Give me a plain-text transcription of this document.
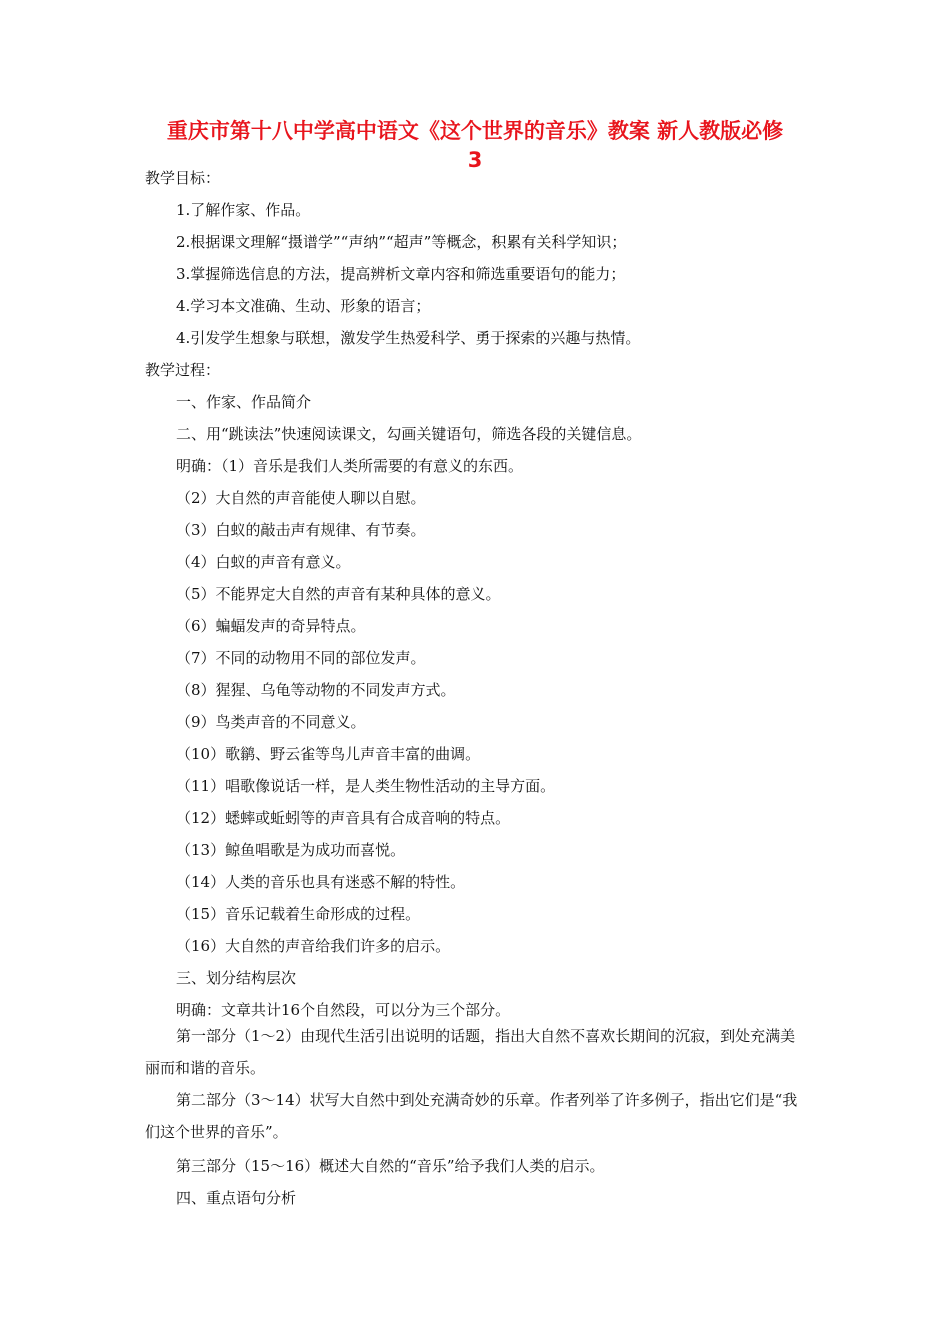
重庆市第十八中学高中语文《这个世界的音乐》教案 新人教版必修
3
教学目标：
1.了解作家、作品。
2.根据课文理解“摄谱学”“声纳”“超声”等概念，积累有关科学知识；
3.掌握筛选信息的方法，提高辨析文章内容和筛选重要语句的能力；
4.学习本文准确、生动、形象的语言；
4.引发学生想象与联想，激发学生热爱科学、勇于探索的兴趣与热情。
教学过程：
一、作家、作品简介
二、用“跳读法”快速阅读课文，勾画关键语句，筛选各段的关键信息。
明确：（1）音乐是我们人类所需要的有意义的东西。
（2）大自然的声音能使人聊以自慰。
（3）白蚁的敲击声有规律、有节奏。
（4）白蚁的声音有意义。
（5）不能界定大自然的声音有某种具体的意义。
（6）蝙蝠发声的奇异特点。
（7）不同的动物用不同的部位发声。
（8）猩猩、乌龟等动物的不同发声方式。
（9）鸟类声音的不同意义。
（10）歌鹟、野云雀等鸟儿声音丰富的曲调。
（11）唱歌像说话一样，是人类生物性活动的主导方面。
（12）蟋蟀或蚯蚓等的声音具有合成音响的特点。
（13）鲸鱼唱歌是为成功而喜悦。
（14）人类的音乐也具有迷惑不解的特性。
（15）音乐记载着生命形成的过程。
（16）大自然的声音给我们许多的启示。
三、划分结构层次
明确：文章共计16个自然段，可以分为三个部分。
第一部分（1～2）由现代生活引出说明的话题，指出大自然不喜欢长期间的沉寂，到处充满美丽而和谐的音乐。
第二部分（3～14）状写大自然中到处充满奇妙的乐章。作者列举了许多例子，指出它们是“我们这个世界的音乐”。
第三部分（15～16）概述大自然的“音乐”给予我们人类的启示。
四、重点语句分析
